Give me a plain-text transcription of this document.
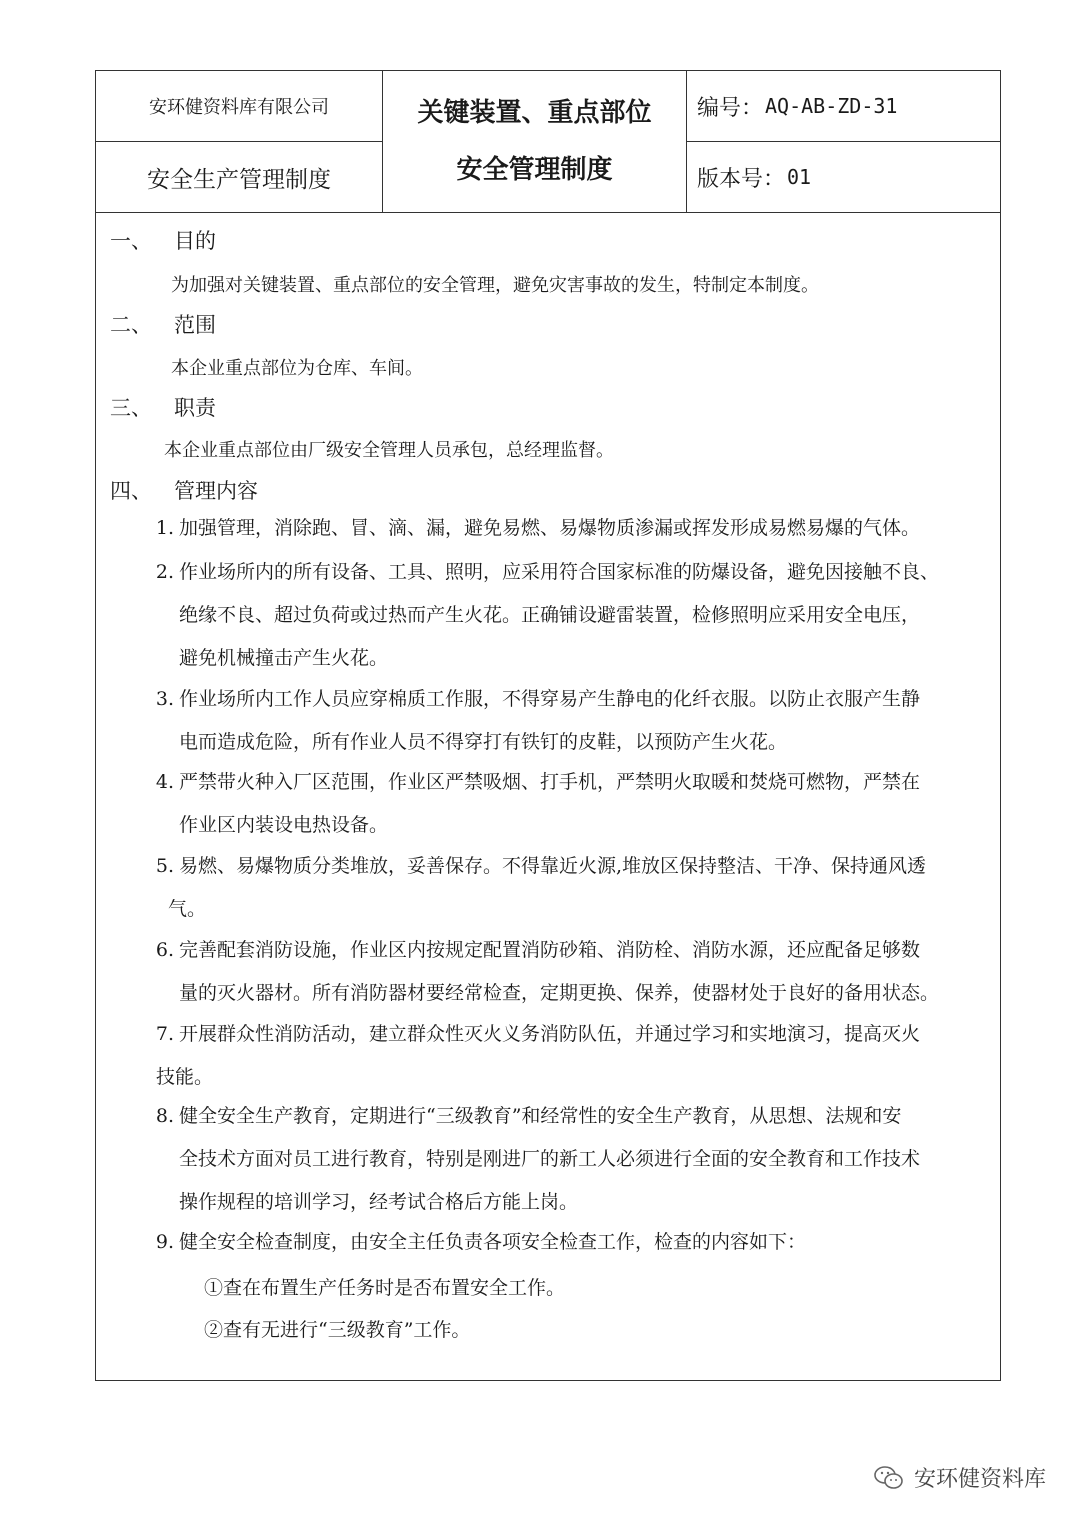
安环健资料库有限公司
安全生产管理制度
关键装置、重点部位
安全管理制度
编号： AQ-AB-ZD-31
版本号： 01
一、 目的
为加强对关键装置、重点部位的安全管理，避免灾害事故的发生，特制定本制度。
二、 范围
本企业重点部位为仓库、车间。
三、 职责
本企业重点部位由厂级安全管理人员承包，总经理监督。
四、 管理内容
1. 加强管理，消除跑、冒、滴、漏，避免易燃、易爆物质渗漏或挥发形成易燃易爆的气体。
2. 作业场所内的所有设备、工具、照明，应采用符合国家标准的防爆设备，避免因接触不良、
绝缘不良、超过负荷或过热而产生火花。正确铺设避雷装置，检修照明应采用安全电压，
避免机械撞击产生火花。
3. 作业场所内工作人员应穿棉质工作服，不得穿易产生静电的化纤衣服。以防止衣服产生静
电而造成危险，所有作业人员不得穿打有铁钉的皮鞋，以预防产生火花。
4. 严禁带火种入厂区范围，作业区严禁吸烟、打手机，严禁明火取暖和焚烧可燃物，严禁在
作业区内装设电热设备。
5. 易燃、易爆物质分类堆放，妥善保存。不得靠近火源,堆放区保持整洁、干净、保持通风透
气。
6. 完善配套消防设施，作业区内按规定配置消防砂箱、消防栓、消防水源，还应配备足够数
量的灭火器材。所有消防器材要经常检查，定期更换、保养，使器材处于良好的备用状态。
7. 开展群众性消防活动，建立群众性灭火义务消防队伍，并通过学习和实地演习，提高灭火
技能。
8. 健全安全生产教育，定期进行“三级教育”和经常性的安全生产教育，从思想、法规和安
全技术方面对员工进行教育，特别是刚进厂的新工人必须进行全面的安全教育和工作技术
操作规程的培训学习，经考试合格后方能上岗。
9. 健全安全检查制度，由安全主任负责各项安全检查工作，检查的内容如下：
①查在布置生产任务时是否布置安全工作。
②查有无进行“三级教育”工作。
安环健资料库
